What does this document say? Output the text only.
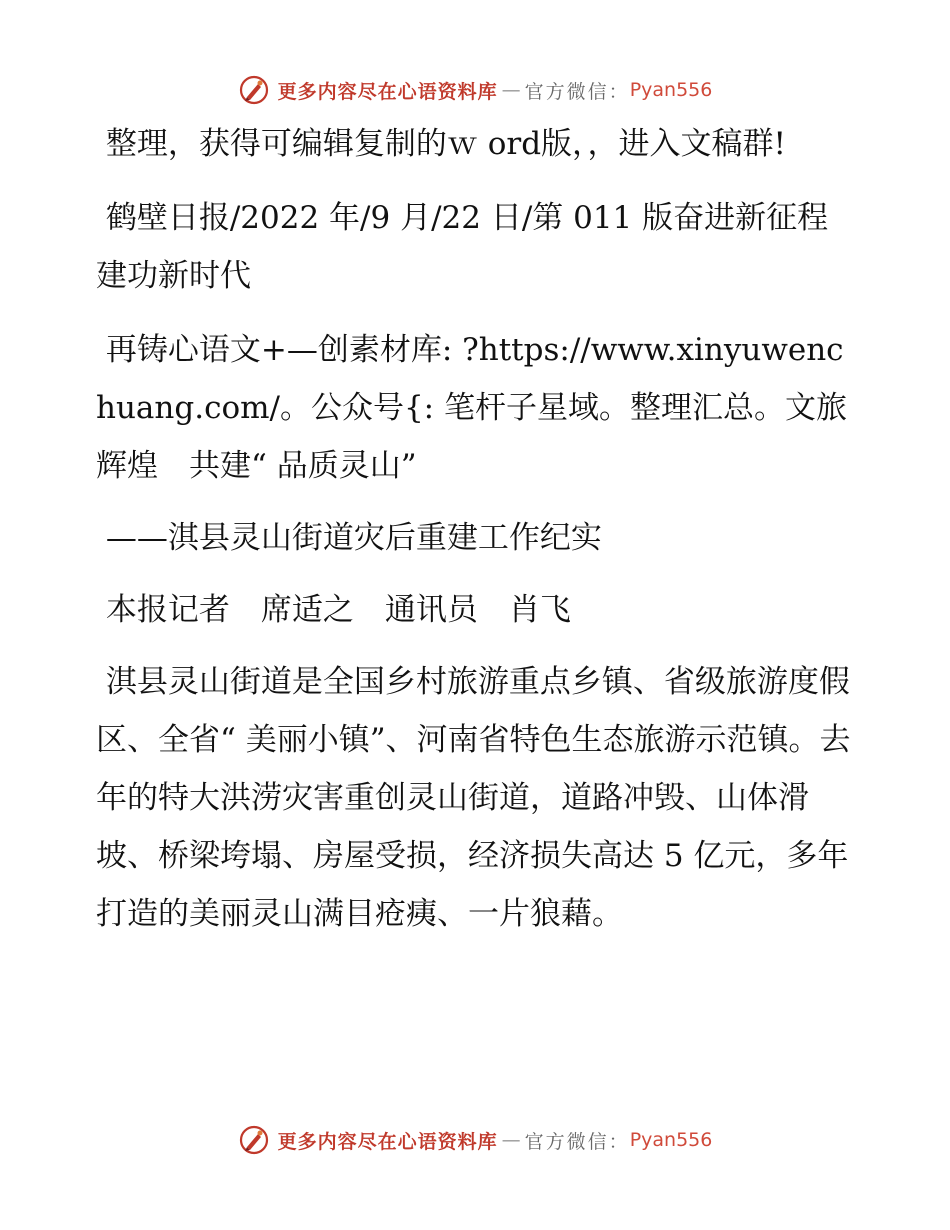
更多内容尽在心语资料库 — 官方微信： Pyan556

整理，获得可编辑复制的ｗ ord版，，进入文稿群!

鹤壁日报/2022 年/9 月/22 日/第 011 版奋进新征程 建功新时代

再铸心语文+—创素材库: ?https://www.xinyuwenchuang.com/。公众号{: 笔杆子星域。整理汇总。文旅辉煌　共建“ 品质灵山”

——淇县灵山街道灾后重建工作纪实

本报记者　席适之　通讯员　肖飞

淇县灵山街道是全国乡村旅游重点乡镇、省级旅游度假区、全省“ 美丽小镇”、河南省特色生态旅游示范镇。去年的特大洪涝灾害重创灵山街道，道路冲毁、山体滑坡、桥梁垮塌、房屋受损，经济损失高达 5 亿元，多年打造的美丽灵山满目疮痍、一片狼藉。

更多内容尽在心语资料库 — 官方微信： Pyan556
